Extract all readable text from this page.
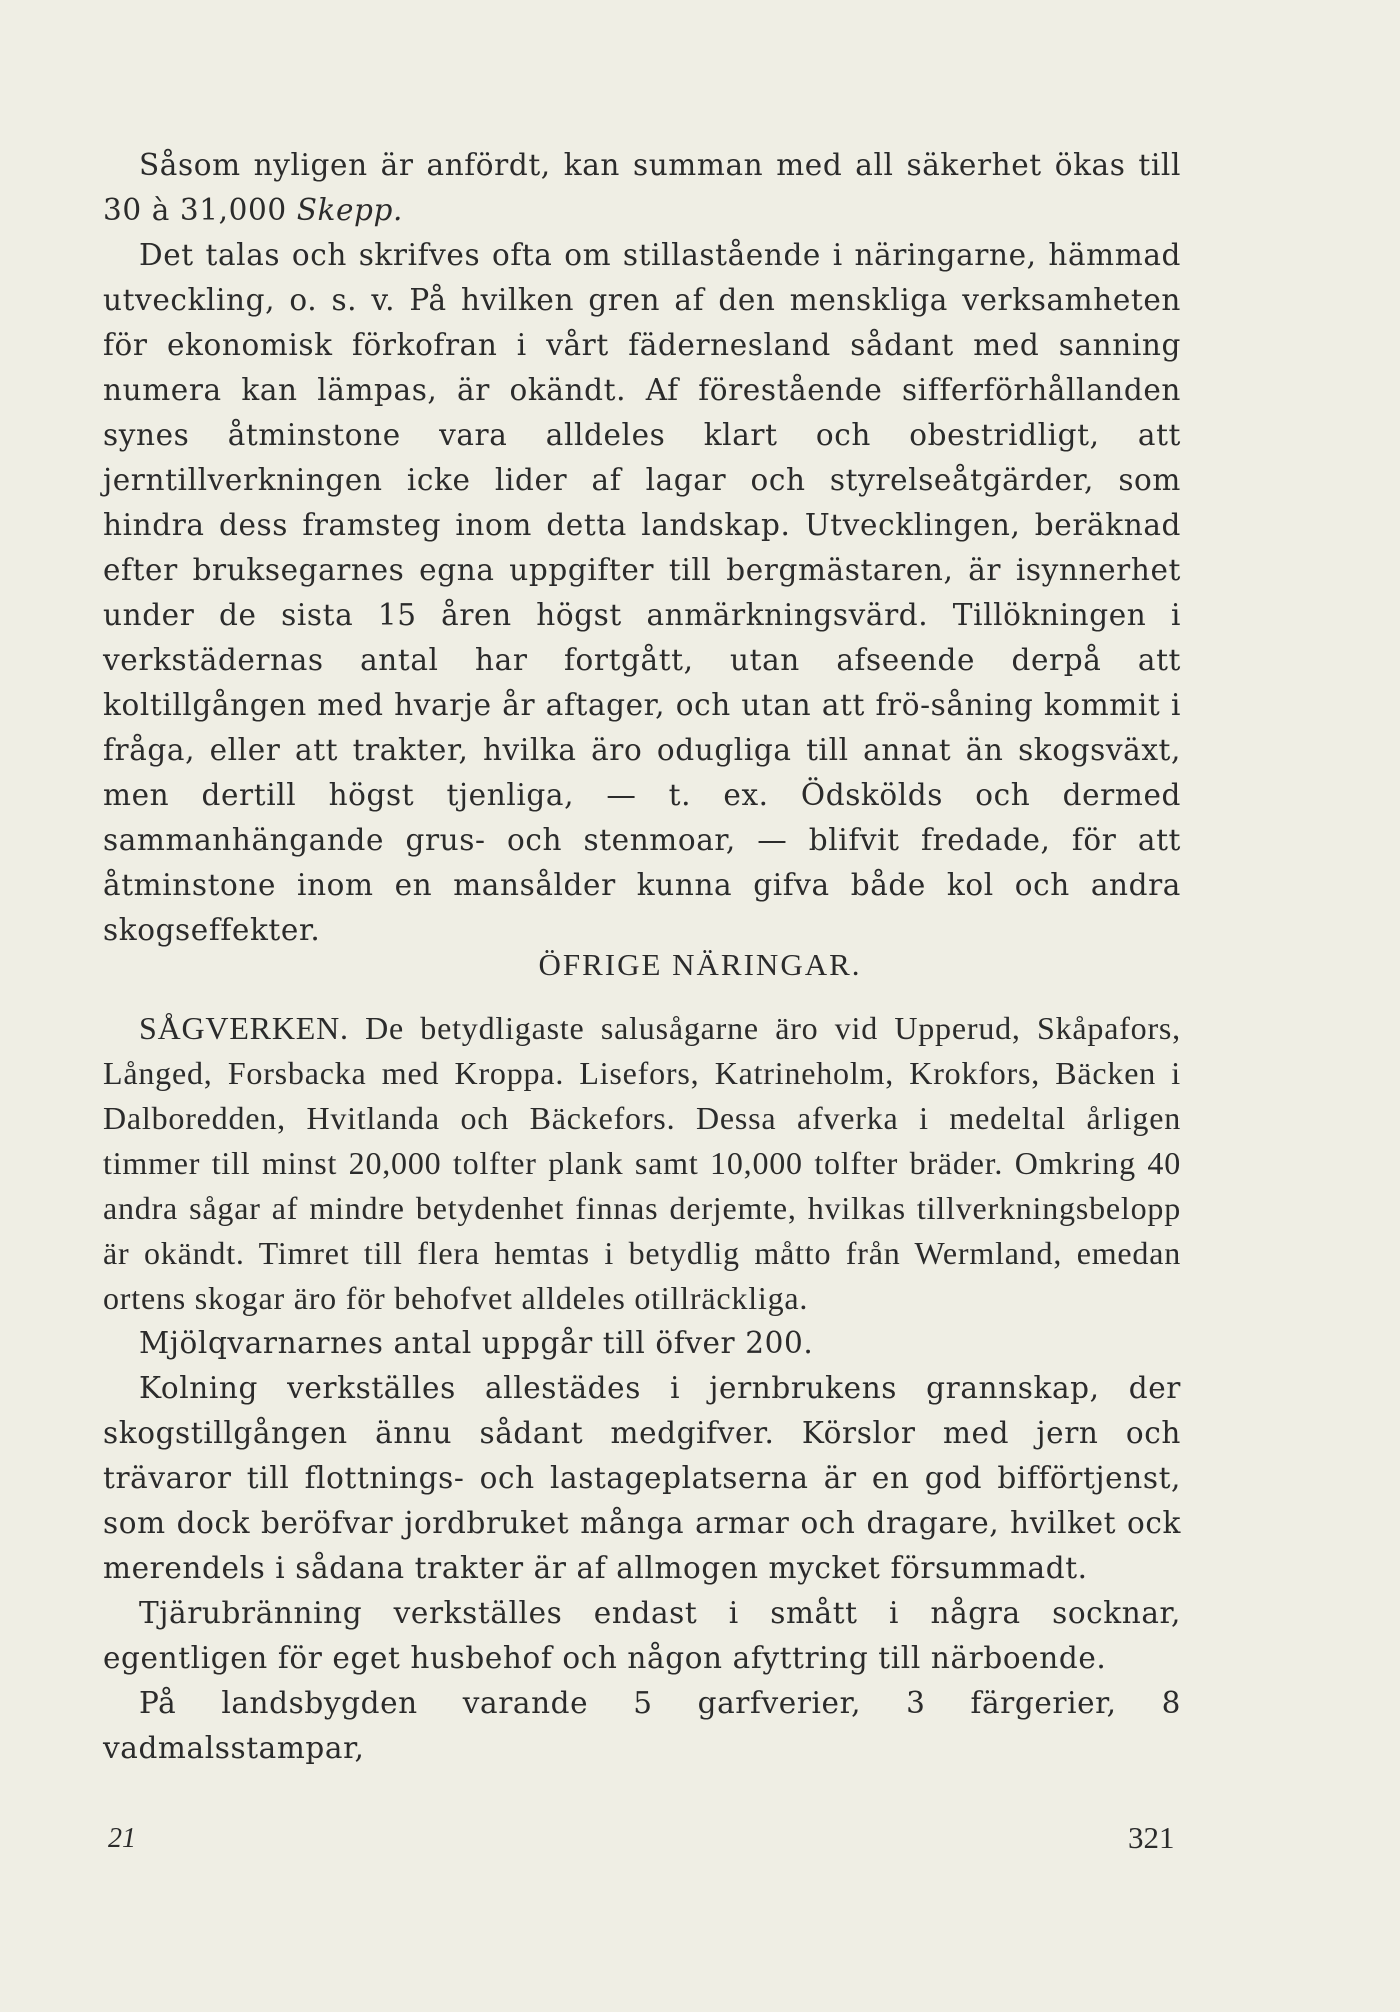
Såsom nyligen är anfördt, kan summan med all säkerhet ökas till 30 à 31,000 Skepp.

Det talas och skrifves ofta om stillastående i näringarne, hämmad utveckling, o. s. v. På hvilken gren af den menskliga verksamheten för ekonomisk förkofran i vårt fädernesland sådant med sanning numera kan lämpas, är okändt. Af förestående sifferförhållanden synes åtminstone vara alldeles klart och obestridligt, att jerntillverkningen icke lider af lagar och styrelseåtgärder, som hindra dess framsteg inom detta landskap. Utvecklingen, beräknad efter bruksegarnes egna uppgifter till bergmästaren, är isynnerhet under de sista 15 åren högst anmärkningsvärd. Tillökningen i verkstädernas antal har fortgått, utan afseende derpå att koltillgången med hvarje år aftager, och utan att frö-såning kommit i fråga, eller att trakter, hvilka äro odugliga till annat än skogsväxt, men dertill högst tjenliga, — t. ex. Ödskölds och dermed sammanhängande grus- och stenmoar, — blifvit fredade, för att åtminstone inom en mansålder kunna gifva både kol och andra skogseffekter.

ÖFRIGE NÄRINGAR.

SÅGVERKEN. De betydligaste salusågarne äro vid Upperud, Skåpafors, Långed, Forsbacka med Kroppa. Lisefors, Katrineholm, Krokfors, Bäcken i Dalboredden, Hvitlanda och Bäckefors. Dessa afverka i medeltal årligen timmer till minst 20,000 tolfter plank samt 10,000 tolfter bräder. Omkring 40 andra sågar af mindre betydenhet finnas derjemte, hvilkas tillverkningsbelopp är okändt. Timret till flera hemtas i betydlig måtto från Wermland, emedan ortens skogar äro för behofvet alldeles otillräckliga.

Mjölqvarnarnes antal uppgår till öfver 200.

Kolning verkställes allestädes i jernbrukens grannskap, der skogstillgången ännu sådant medgifver. Körslor med jern och trävaror till flottnings- och lastageplatserna är en god bifförtjenst, som dock beröfvar jordbruket många armar och dragare, hvilket ock merendels i sådana trakter är af allmogen mycket försummadt.

Tjärubränning verkställes endast i smått i några socknar, egentligen för eget husbehof och någon afyttring till närboende.

På landsbygden varande 5 garfverier, 3 färgerier, 8 vadmalsstampar,

21	321
